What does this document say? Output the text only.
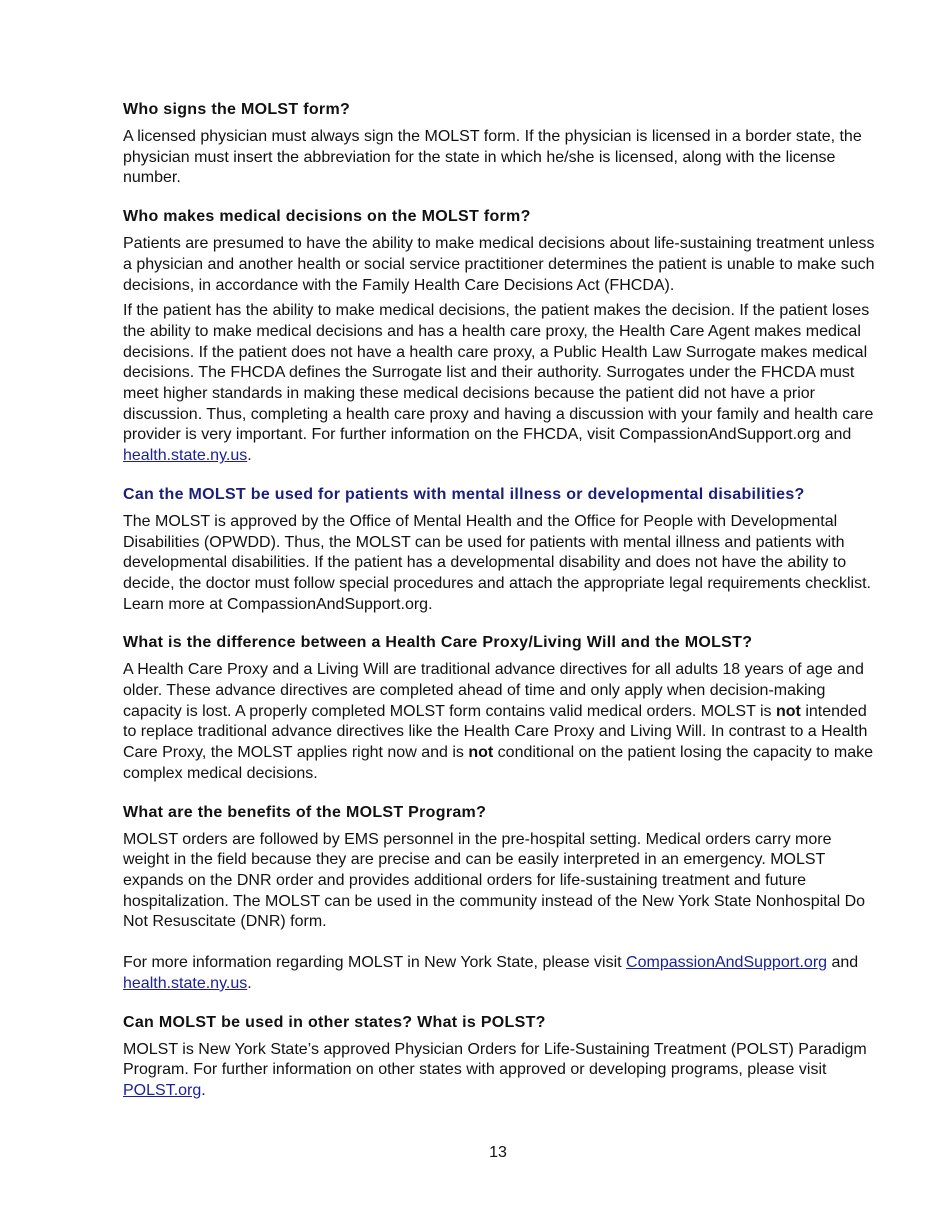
Who signs the MOLST form?

A licensed physician must always sign the MOLST form. If the physician is licensed in a border state, the physician must insert the abbreviation for the state in which he/she is licensed, along with the license number.

Who makes medical decisions on the MOLST form?

Patients are presumed to have the ability to make medical decisions about life-sustaining treatment unless a physician and another health or social service practitioner determines the patient is unable to make such decisions, in accordance with the Family Health Care Decisions Act (FHCDA).

If the patient has the ability to make medical decisions, the patient makes the decision. If the patient loses the ability to make medical decisions and has a health care proxy, the Health Care Agent makes medical decisions. If the patient does not have a health care proxy, a Public Health Law Surrogate makes medical decisions. The FHCDA defines the Surrogate list and their authority. Surrogates under the FHCDA must meet higher standards in making these medical decisions because the patient did not have a prior discussion. Thus, completing a health care proxy and having a discussion with your family and health care provider is very important. For further information on the FHCDA, visit CompassionAndSupport.org and health.state.ny.us.

Can the MOLST be used for patients with mental illness or developmental disabilities?

The MOLST is approved by the Office of Mental Health and the Office for People with Developmental Disabilities (OPWDD). Thus, the MOLST can be used for patients with mental illness and patients with developmental disabilities. If the patient has a developmental disability and does not have the ability to decide, the doctor must follow special procedures and attach the appropriate legal requirements checklist. Learn more at CompassionAndSupport.org.

What is the difference between a Health Care Proxy/Living Will and the MOLST?

A Health Care Proxy and a Living Will are traditional advance directives for all adults 18 years of age and older. These advance directives are completed ahead of time and only apply when decision-making capacity is lost. A properly completed MOLST form contains valid medical orders. MOLST is not intended to replace traditional advance directives like the Health Care Proxy and Living Will. In contrast to a Health Care Proxy, the MOLST applies right now and is not conditional on the patient losing the capacity to make complex medical decisions.

What are the benefits of the MOLST Program?

MOLST orders are followed by EMS personnel in the pre-hospital setting. Medical orders carry more weight in the field because they are precise and can be easily interpreted in an emergency. MOLST expands on the DNR order and provides additional orders for life-sustaining treatment and future hospitalization. The MOLST can be used in the community instead of the New York State Nonhospital Do Not Resuscitate (DNR) form.

For more information regarding MOLST in New York State, please visit CompassionAndSupport.org and health.state.ny.us.

Can MOLST be used in other states? What is POLST?

MOLST is New York State’s approved Physician Orders for Life-Sustaining Treatment (POLST) Paradigm Program. For further information on other states with approved or developing programs, please visit POLST.org.

13
